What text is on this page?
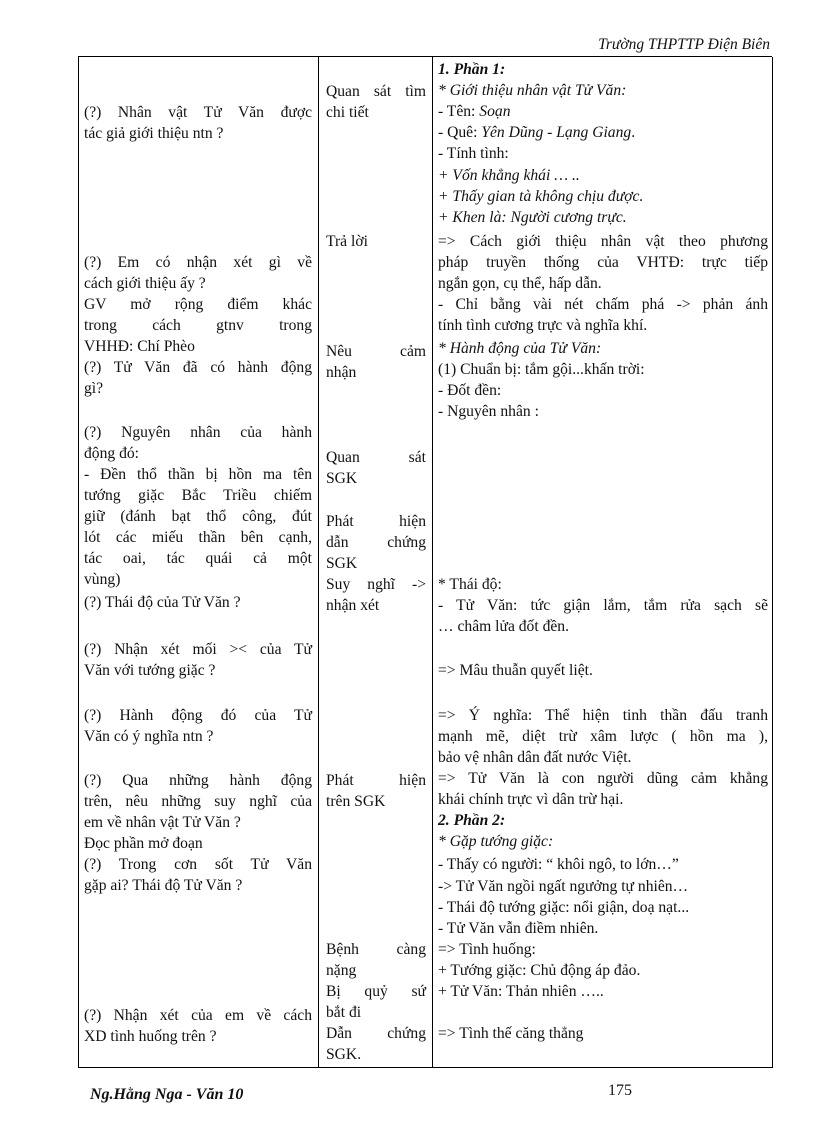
Trường THPTTP Điện Biên
(?) Nhân vật Tử Văn được
tác giả giới thiệu ntn ?
(?) Em có nhận xét gì về
cách giới thiệu ấy ?
GV mở rộng điểm khác
trong cách gtnv trong
VHHĐ: Chí Phèo
(?) Tử Văn đã có hành động
gì?
(?) Nguyên nhân của hành
động đó:
- Đền thổ thần bị hồn ma tên
tướng giặc Bắc Triều chiếm
giữ (đánh bạt thổ công, đút
lót các miếu thần bên cạnh,
tác oai, tác quái cả một
vùng)
(?) Thái độ của Tử Văn ?
(?) Nhận xét mối >< của Tử
Văn với tướng giặc ?
(?) Hành động đó của Tử
Văn có ý nghĩa ntn ?
(?) Qua những hành động
trên, nêu những suy nghĩ của
em về nhân vật Tử Văn ?
Đọc phần mở đoạn
(?) Trong cơn sốt Tử Văn
gặp ai? Thái độ Tử Văn ?
(?) Nhận xét của em về cách
XD tình huống trên ?
Quan sát tìm
chi tiết
Trả lời
Nêu cảm
nhận
Quan sát
SGK
Phát hiện
dẫn chứng
SGK
Suy nghĩ ->
nhận xét
Phát hiện
trên SGK
Bệnh càng
nặng
Bị quỷ sứ
bắt đi
Dẫn chứng
SGK.
1. Phần 1:
* Giới thiệu nhân vật Tử Văn:
- Tên: Soạn
- Quê: Yên Dũng - Lạng Giang.
- Tính tình:
+ Vốn khẳng khái … ..
+ Thấy gian tà không chịu được.
+ Khen là: Người cương trực.
=> Cách giới thiệu nhân vật theo phương
pháp truyền thống của VHTĐ: trực tiếp
ngắn gọn, cụ thể, hấp dẫn.
- Chỉ bằng vài nét chấm phá -> phản ánh
tính tình cương trực và nghĩa khí.
* Hành động của Tử Văn:
(1) Chuẩn bị: tắm gội...khấn trời:
- Đốt đền:
- Nguyên nhân :
* Thái độ:
- Tử Văn: tức giận lắm, tắm rửa sạch sẽ
… châm lửa đốt đền.
=> Mâu thuẫn quyết liệt.
=> Ý nghĩa: Thể hiện tinh thần đấu tranh
mạnh mẽ, diệt trừ xâm lược ( hồn ma ),
bảo vệ nhân dân đất nước Việt.
=> Tử Văn là con người dũng cảm khẳng
khái chính trực vì dân trừ hại.
2. Phần 2:
* Gặp tướng giặc:
- Thấy có người: “ khôi ngô, to lớn…”
-> Tử Văn ngồi ngất ngưởng tự nhiên…
- Thái độ tướng giặc: nổi giận, doạ nạt...
- Tử Văn vẫn điềm nhiên.
=> Tình huống:
+ Tướng giặc: Chủ động áp đảo.
+ Tử Văn: Thản nhiên …..
=> Tình thế căng thẳng
Ng.Hằng Nga - Văn 10	175
